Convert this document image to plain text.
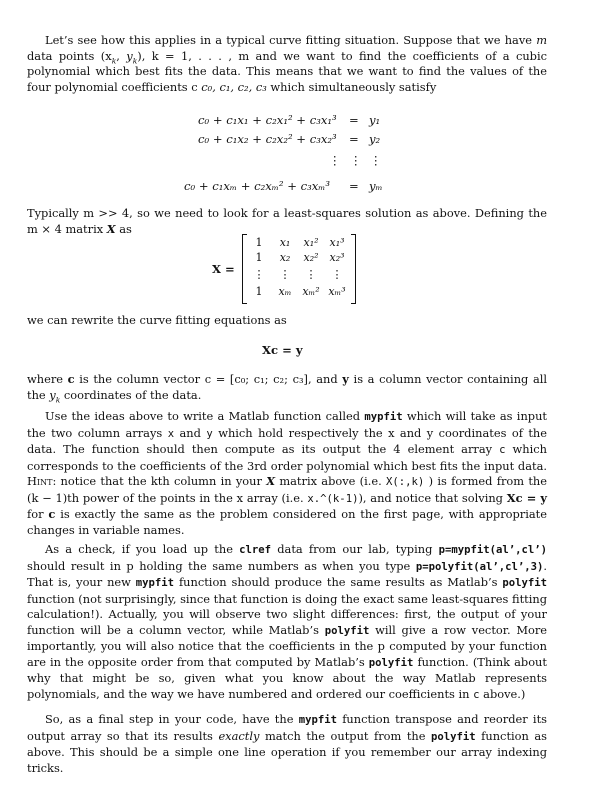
Let’s see how this applies in a typical curve fitting situation. Suppose that we have m data points ($x_k$, $y_k$), k = 1, . . . , m and we want to find the coefficients of a cubic polynomial which best fits the data. This means that we want to find the values of the four polynomial coefficients c c₀, c₁, c₂, c₃ which simultaneously satisfy

c₀ + c₁x₁ + c₂x₁² + c₃x₁³ = y₁
c₀ + c₁x₂ + c₂x₂² + c₃x₂³ = y₂
⋮ ⋮ ⋮
c₀ + c₁xₘ + c₂xₘ² + c₃xₘ³ = yₘ

Typically m >> 4, so we need to look for a least-squares solution as above. Defining the m × 4 matrix X as

X =
1	x₁	x₁² x₁³
1	x₂	x₂² x₂³
⋮	⋮	⋮	⋮
1	xₘ xₘ² xₘ³

we can rewrite the curve fitting equations as

Xc = y

where c is the column vector c = [c₀; c₁; c₂; c₃], and y is a column vector containing all the $y_k$ coordinates of the data.

Use the ideas above to write a Matlab function called mypfit which will take as input the two column arrays x and y which hold respectively the x and y coordinates of the data. The function should then compute as its output the 4 element array c which corresponds to the coefficients of the 3rd order polynomial which best fits the input data. Hint: notice that the kth column in your X matrix above (i.e. X(:,k) ) is formed from the (k − 1)th power of the points in the x array (i.e. x.^(k-1)), and notice that solving Xc = y for c is exactly the same as the problem considered on the first page, with appropriate changes in variable names.

As a check, if you load up the clref data from our lab, typing p=mypfit(al’,cl’) should result in p holding the same numbers as when you type p=polyfit(al’,cl’,3). That is, your new mypfit function should produce the same results as Matlab’s polyfit function (not surprisingly, since that function is doing the exact same least-squares fitting calculation!). Actually, you will observe two slight differences: first, the output of your function will be a column vector, while Matlab’s polyfit will give a row vector. More importantly, you will also notice that the coefficients in the p computed by your function are in the opposite order from that computed by Matlab’s polyfit function. (Think about why that might be so, given what you know about the way Matlab represents polynomials, and the way we have numbered and ordered our coefficients in c above.)

So, as a final step in your code, have the mypfit function transpose and reorder its output array so that its results exactly match the output from the polyfit function as above. This should be a simple one line operation if you remember our array indexing tricks.
